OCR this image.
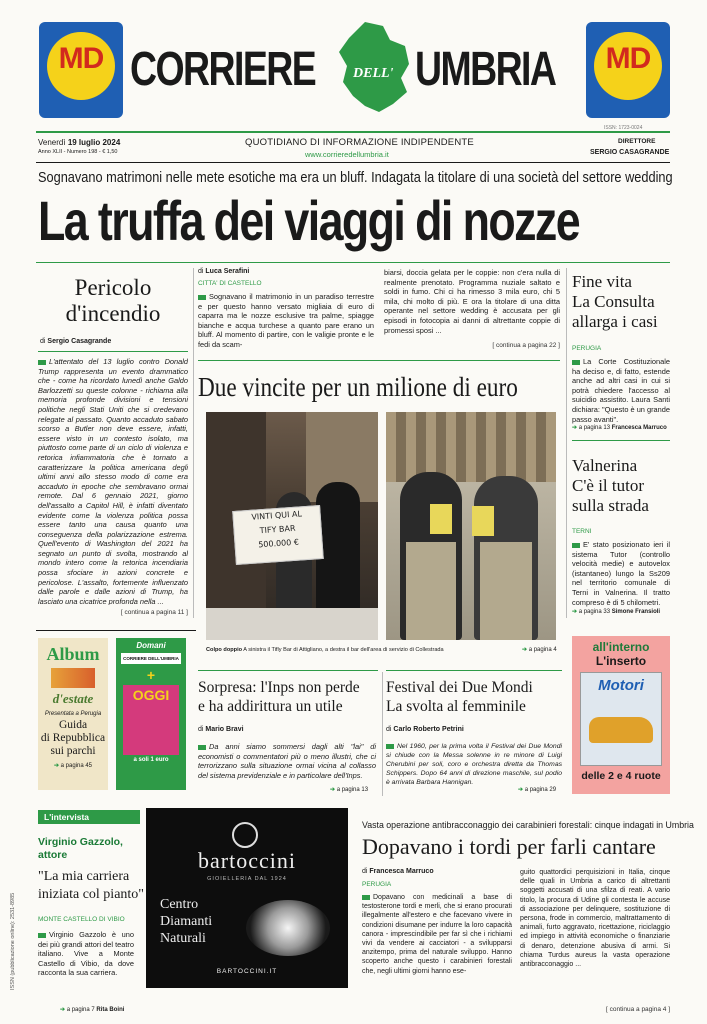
MD	MD
CORRIERE	DELL' UMBRIA
ISSN: 1723-0024
Venerdì 19 luglio 2024
Anno XLII - Numero 198 - € 1,50
QUOTIDIANO DI INFORMAZIONE INDIPENDENTE
www.corrieredellumbria.it
DIRETTORE
SERGIO CASAGRANDE
Sognavano matrimoni nelle mete esotiche ma era un bluff. Indagata la titolare di una società del settore wedding
La truffa dei viaggi di nozze
Pericolo
d'incendio
di Sergio Casagrande
L'attentato del 13 luglio contro Donald Trump rappresenta un evento drammatico che - come ha ricordato lunedì anche Galdo Barlozzetti su queste colonne - richiama alla memoria profonde divisioni e tensioni politiche negli Stati Uniti che si credevano relegate al passato. Quanto accaduto sabato scorso a Butler non deve essere, infatti, essere visto in un contesto isolato, ma piuttosto come parte di un ciclo di violenza e retorica infiammatoria che è tornato a caratterizzare la politica americana degli ultimi anni allo stesso modo di come era accaduto in epoche che sembravano ormai remote. Dal 6 gennaio 2021, giorno dell'assalto a Capitol Hill, è infatti diventato evidente come la violenza politica possa essere tanto una causa quanto una conseguenza della polarizzazione estrema. Quell'evento di Washington del 2021 ha segnato un punto di svolta, mostrando al mondo intero come la retorica incendiaria possa sfociare in azioni concrete e pericolose. L'assalto, fortemente influenzato dalle parole e dalle azioni di Trump, ha lasciato una cicatrice profonda nella ...
[ continua a pagina 11 ]
di Luca Serafini
CITTA' DI CASTELLO
Sognavano il matrimonio in un paradiso terrestre e per questo hanno versato migliaia di euro di caparra ma le nozze esclusive tra palme, spiagge bianche e acqua turchese a quanto pare erano un bluff. Al momento di partire, con le valigie pronte e le fedi da scam-
biarsi, doccia gelata per le coppie: non c'era nulla di realmente prenotato. Programma nuziale saltato e soldi in fumo. Chi ci ha rimesso 3 mila euro, chi 5 mila, chi molto di più. E ora la titolare di una ditta operante nel settore wedding è accusata per gli episodi in fotocopia ai danni di altrettante coppie di promessi sposi ...
[ continua a pagina 22 ]
Fine vita
La Consulta
allarga i casi
PERUGIA
La Corte Costituzionale ha deciso e, di fatto, estende anche ad altri casi in cui si potrà chiedere l'accesso al suicidio assistito. Laura Santi dichiara: "Questo è un grande passo avanti".
➔ a pagina 13 Francesca Marruco
Valnerina
C'è il tutor
sulla strada
TERNI
E' stato posizionato ieri il sistema Tutor (controllo velocità medie) e autovelox (istantaneo) lungo la Ss209 nel territorio comunale di Terni in Valnerina. Il tratto compreso è di 5 chilometri.
➔ a pagina 33 Simone Fransioli
Due vincite per un milione di euro
VINTI QUI AL
TIFY BAR
500.000 €
Colpo doppio A sinistra il Tifly Bar di Attigliano, a destra il bar dell'area di servizio di Collestrada	➔ a pagina 4
Album
d'estate
Presentata a Perugia
Guida
di Repubblica
sui parchi
➔ a pagina 45
Domani
CORRIERE DELL'UMBRIA
+
OGGI
a soli 1 euro
Sorpresa: l'Inps non perde
e ha addirittura un utile
di Mario Bravi
Da anni siamo sommersi dagli alti "lai" di economisti o commentatori più o meno illustri, che ci terrorizzano sulla situazione ormai vicina al collasso del sistema previdenziale e in particolare dell'Inps.
➔ a pagina 13
Festival dei Due Mondi
La svolta al femminile
di Carlo Roberto Petrini
Nel 1960, per la prima volta il Festival dei Due Mondi si chiude con la Messa solenne in re minore di Luigi Cherubini per soli, coro e orchestra diretta da Thomas Schippers. Dopo 64 anni di direzione maschile, sul podio è arrivata Barbara Hannigan.
➔ a pagina 29
all'interno
L'inserto
Motori
delle 2 e 4 ruote
ISSN (pubblicazione online): 2531-8985
L'intervista
Virginio Gazzolo,
attore
"La mia carriera
iniziata col pianto"
MONTE CASTELLO DI VIBIO
Virginio Gazzolo è uno dei più grandi attori del teatro italiano. Vive a Monte Castello di Vibio, da dove racconta la sua carriera.
➔ a pagina 7 Rita Boini
bartoccini
GIOIELLERIA DAL 1924
Centro
Diamanti
Naturali
BARTOCCINI.IT
Vasta operazione antibracconaggio dei carabinieri forestali: cinque indagati in Umbria
Dopavano i tordi per farli cantare
di Francesca Marruco
PERUGIA
Dopavano con medicinali a base di testosterone tordi e merli, che si erano procurati illegalmente all'estero e che facevano vivere in condizioni disumane per indurre la loro capacità canora - imprescindibile per far sì che i richiami vivi da vendere ai cacciatori - a svilupparsi anzitempo, prima del naturale sviluppo. Hanno scoperto anche questo i carabinieri forestali che, negli ultimi giorni hanno ese-
guito quattordici perquisizioni in Italia, cinque delle quali in Umbria a carico di altrettanti soggetti accusati di una sfilza di reati. A vario titolo, la procura di Udine gli contesta le accuse di associazione per delinquere, sostituzione di persona, frode in commercio, maltrattamento di animali, furto aggravato, ricettazione, riciclaggio ed impiego in attività economiche o finanziarie di denaro, detenzione abusiva di armi. Si chiama Turdus aureus la vasta operazione antibracconaggio ...
[ continua a pagina 4 ]
